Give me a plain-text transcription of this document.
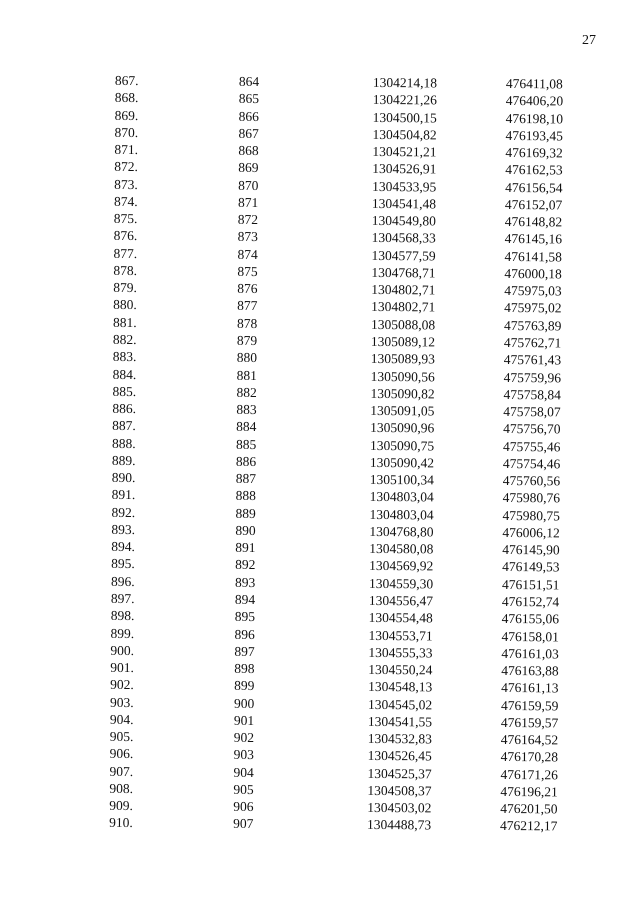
27
867.	864	1304214,18	476411,08
868.	865	1304221,26	476406,20
869.	866	1304500,15	476198,10
870.	867	1304504,82	476193,45
871.	868	1304521,21	476169,32
872.	869	1304526,91	476162,53
873.	870	1304533,95	476156,54
874.	871	1304541,48	476152,07
875.	872	1304549,80	476148,82
876.	873	1304568,33	476145,16
877.	874	1304577,59	476141,58
878.	875	1304768,71	476000,18
879.	876	1304802,71	475975,03
880.	877	1304802,71	475975,02
881.	878	1305088,08	475763,89
882.	879	1305089,12	475762,71
883.	880	1305089,93	475761,43
884.	881	1305090,56	475759,96
885.	882	1305090,82	475758,84
886.	883	1305091,05	475758,07
887.	884	1305090,96	475756,70
888.	885	1305090,75	475755,46
889.	886	1305090,42	475754,46
890.	887	1305100,34	475760,56
891.	888	1304803,04	475980,76
892.	889	1304803,04	475980,75
893.	890	1304768,80	476006,12
894.	891	1304580,08	476145,90
895.	892	1304569,92	476149,53
896.	893	1304559,30	476151,51
897.	894	1304556,47	476152,74
898.	895	1304554,48	476155,06
899.	896	1304553,71	476158,01
900.	897	1304555,33	476161,03
901.	898	1304550,24	476163,88
902.	899	1304548,13	476161,13
903.	900	1304545,02	476159,59
904.	901	1304541,55	476159,57
905.	902	1304532,83	476164,52
906.	903	1304526,45	476170,28
907.	904	1304525,37	476171,26
908.	905	1304508,37	476196,21
909.	906	1304503,02	476201,50
910.	907	1304488,73	476212,17
